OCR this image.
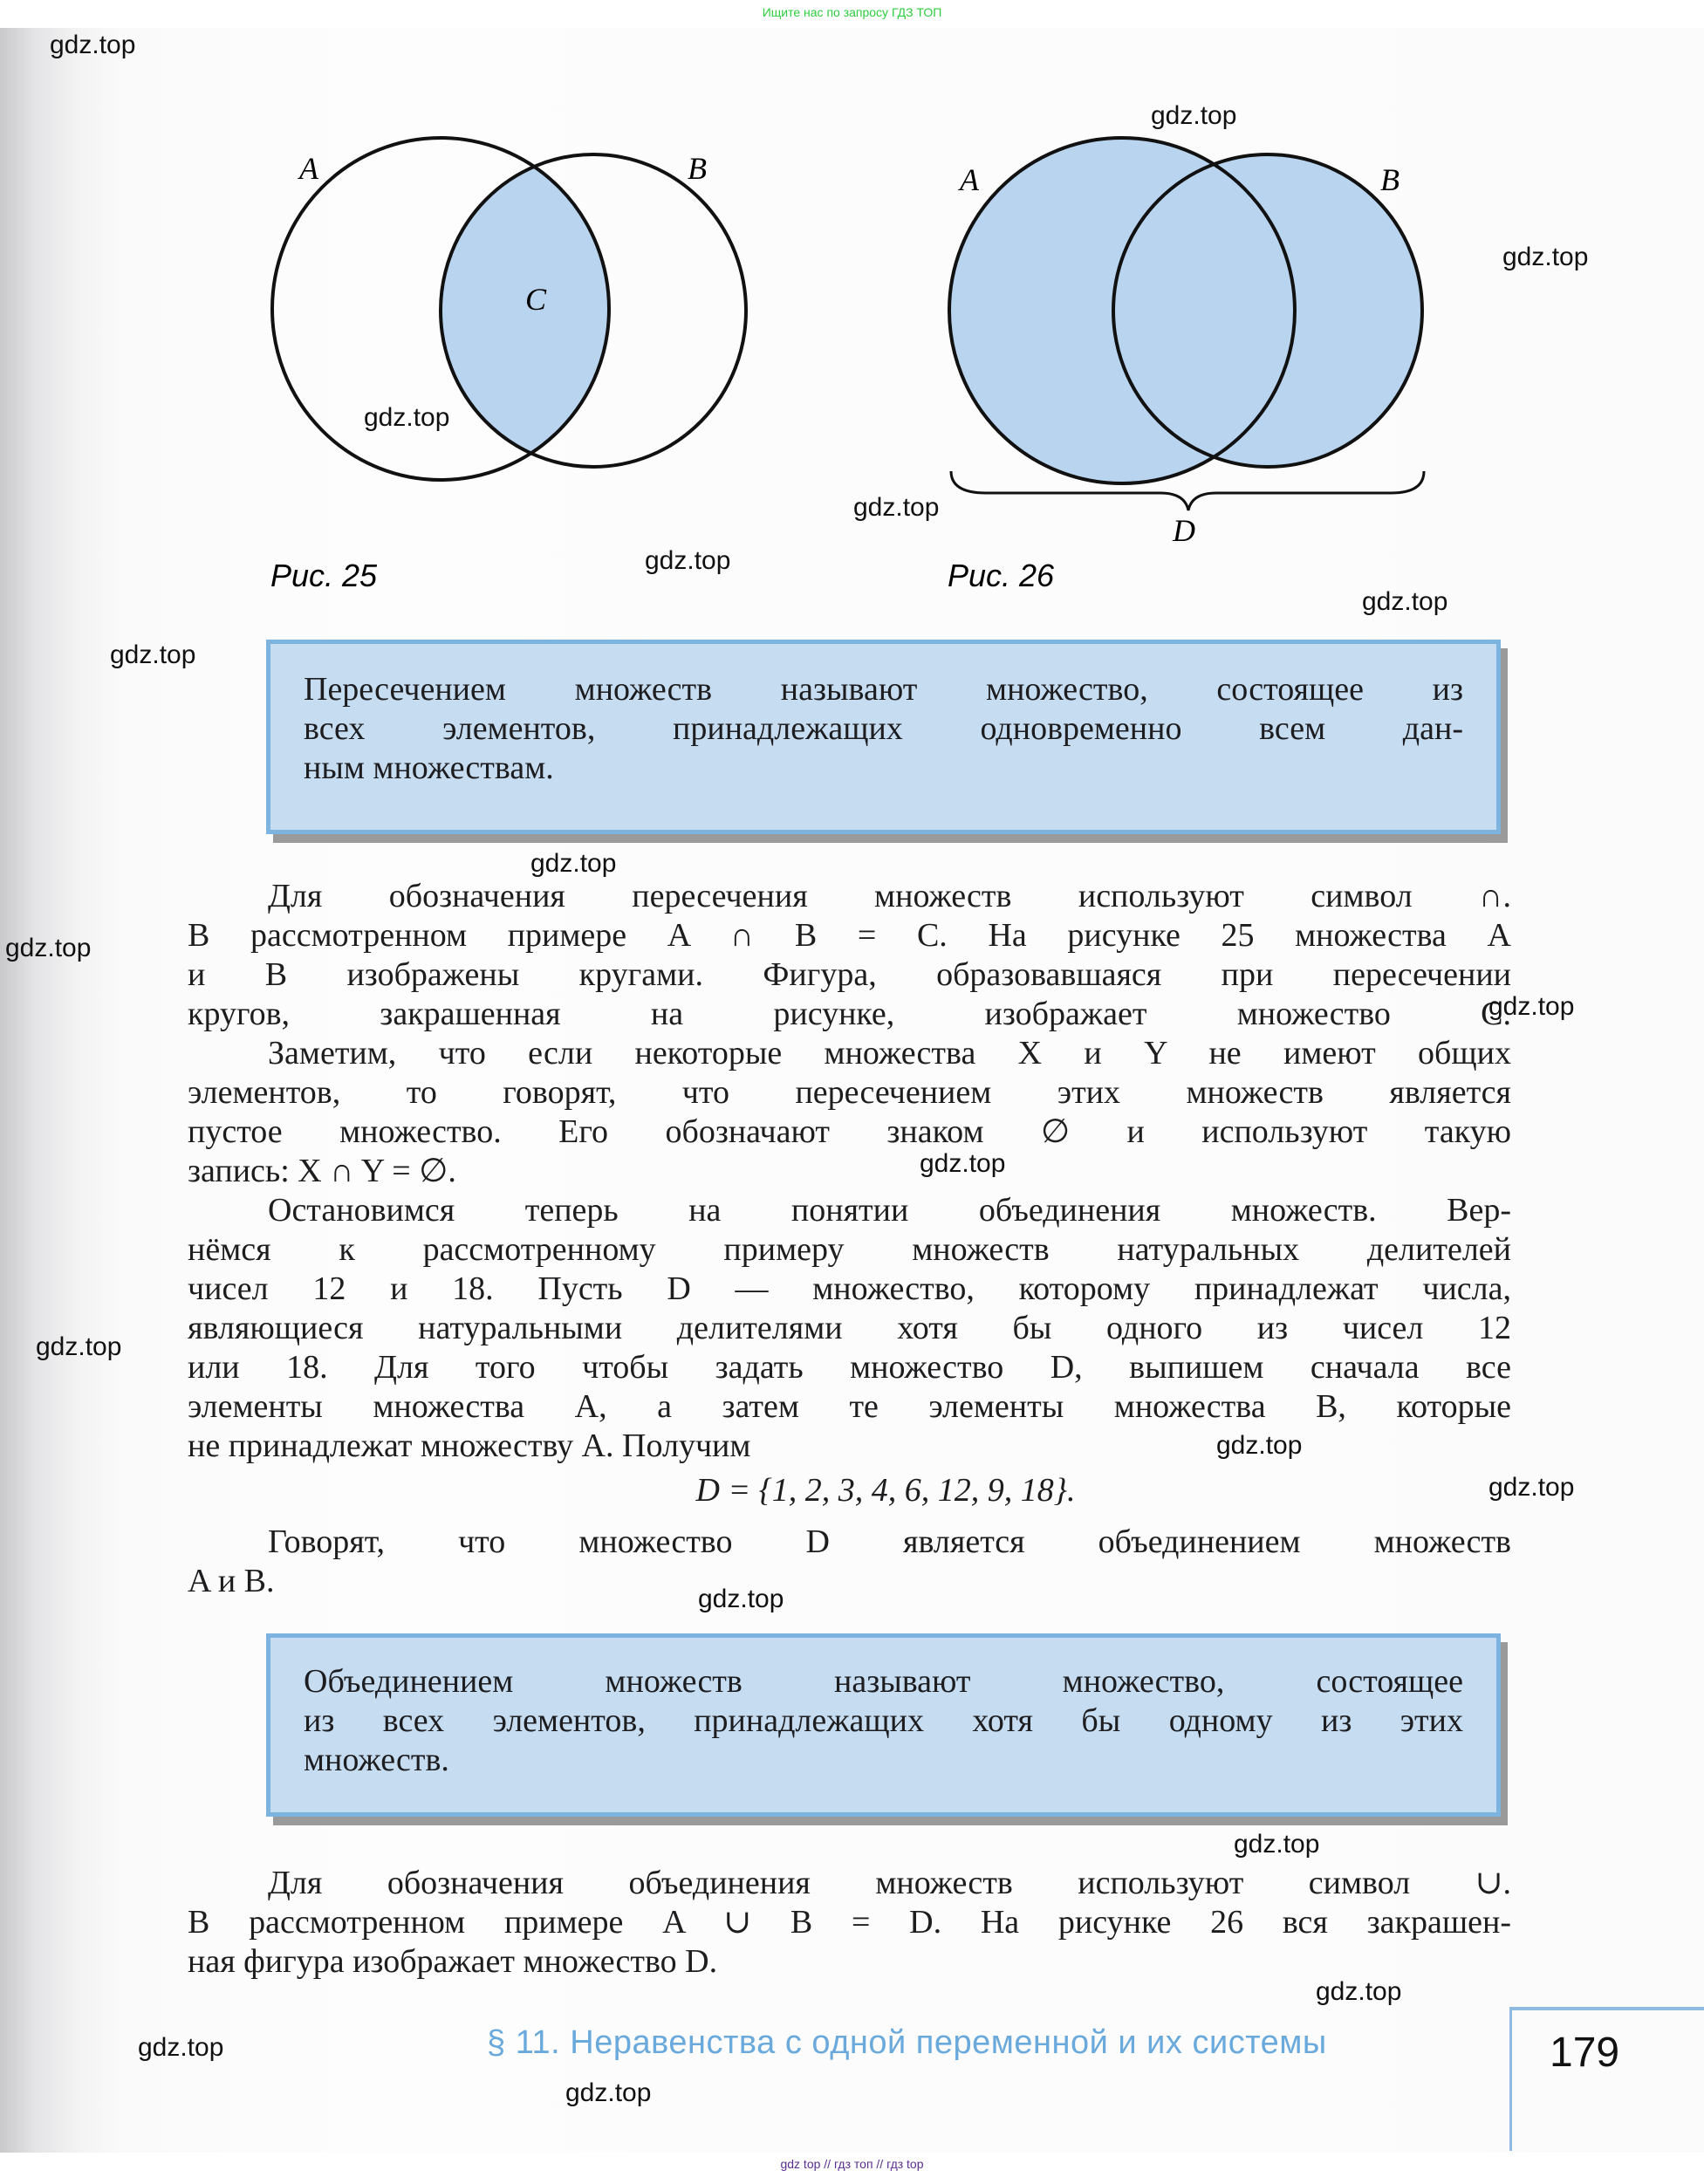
Ищите нас по запросу ГДЗ ТОП
A	B
C
Рис. 25
A	B
D
Рис. 26
Пересечением множеств называют множество, состоящее из
всех элементов, принадлежащих одновременно всем дан-
ным множествам.
Для обозначения пересечения множеств используют символ ∩.
В рассмотренном примере A ∩ B = C. На рисунке 25 множества A
и B изображены кругами. Фигура, образовавшаяся при пересечении
кругов, закрашенная на рисунке, изображает множество C.
Заметим, что если некоторые множества X и Y не имеют общих
элементов, то говорят, что пересечением этих множеств является
пустое множество. Его обозначают знаком ∅ и используют такую
запись: X ∩ Y = ∅.
Остановимся теперь на понятии объединения множеств. Вер-
нёмся к рассмотренному примеру множеств натуральных делителей
чисел 12 и 18. Пусть D — множество, которому принадлежат числа,
являющиеся натуральными делителями хотя бы одного из чисел 12
или 18. Для того чтобы задать множество D, выпишем сначала все
элементы множества A, а затем те элементы множества B, которые
не принадлежат множеству A. Получим
D = {1, 2, 3, 4, 6, 12, 9, 18}.
Говорят, что множество D является объединением множеств
A и B.
Объединением множеств называют множество, состоящее
из всех элементов, принадлежащих хотя бы одному из этих
множеств.
Для обозначения объединения множеств используют символ ∪.
В рассмотренном примере A ∪ B = D. На рисунке 26 вся закрашен-
ная фигура изображает множество D.
§ 11. Неравенства с одной переменной и их системы	179
gdz.top
gdz.top
gdz.top
gdz.top
gdz.top
gdz.top
gdz.top
gdz.top
gdz.top
gdz.top
gdz.top
gdz.top
gdz.top
gdz.top
gdz.top
gdz.top
gdz.top
gdz.top
gdz.top
gdz.top
gdz top // гдз топ // гдз top
